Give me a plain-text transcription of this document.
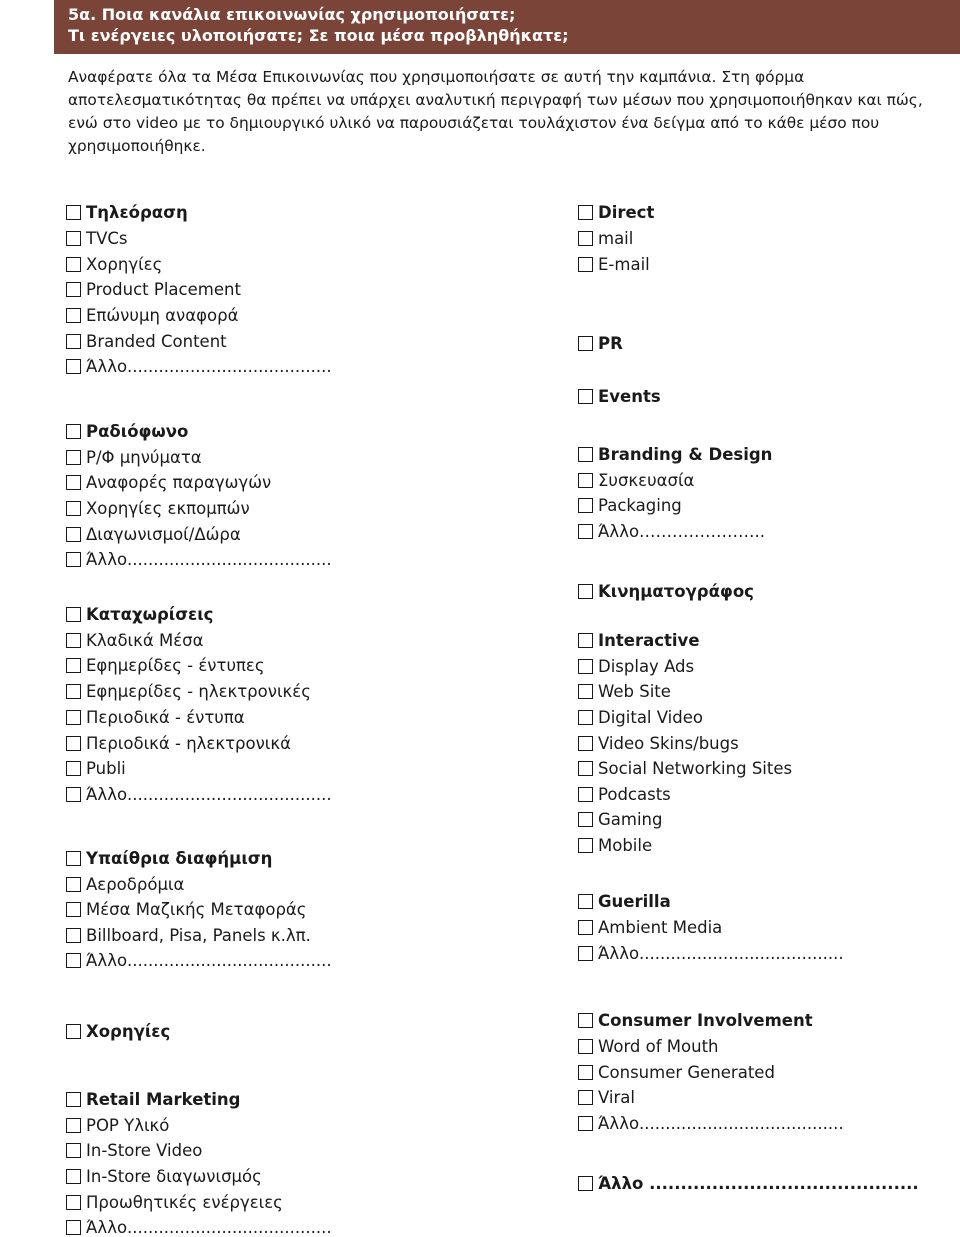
5α. Ποια κανάλια επικοινωνίας χρησιμοποιήσατε;
Τι ενέργειες υλοποιήσατε; Σε ποια μέσα προβληθήκατε;
Αναφέρατε όλα τα Μέσα Επικοινωνίας που χρησιμοποιήσατε σε αυτή την καμπάνια. Στη φόρμα αποτελεσματικότητας θα πρέπει να υπάρχει αναλυτική περιγραφή των μέσων που χρησιμοποιήθηκαν και πώς, ενώ στο video με το δημιουργικό υλικό να παρουσιάζεται τουλάχιστον ένα δείγμα από το κάθε μέσο που χρησιμοποιήθηκε.
Τηλεόραση
TVCs
Χορηγίες
Product Placement
Επώνυμη αναφορά
Branded Content
Άλλο.......................................
Ραδιόφωνο
Ρ/Φ μηνύματα
Αναφορές παραγωγών
Χορηγίες εκπομπών
Διαγωνισμοί/Δώρα
Άλλο.......................................
Καταχωρίσεις
Κλαδικά Μέσα
Εφημερίδες - έντυπες
Εφημερίδες - ηλεκτρονικές
Περιοδικά - έντυπα
Περιοδικά - ηλεκτρονικά
Publi
Άλλο.......................................
Υπαίθρια διαφήμιση
Αεροδρόμια
Μέσα Μαζικής Μεταφοράς
Billboard, Pisa, Panels κ.λπ.
Άλλο.......................................
Χορηγίες
Retail Marketing
POP Υλικό
In-Store Video
In-Store διαγωνισμός
Προωθητικές ενέργειες
Άλλο.......................................
Direct
mail
E-mail
PR
Events
Branding & Design
Συσκευασία
Packaging
Άλλο…………………..
Κινηματογράφος
Interactive
Display Ads
Web Site
Digital Video
Video Skins/bugs
Social Networking Sites
Podcasts
Gaming
Mobile
Guerilla
Ambient Media
Άλλο.......................................
Consumer Involvement
Word of Mouth
Consumer Generated
Viral
Άλλο.......................................
Άλλο ...........................................
